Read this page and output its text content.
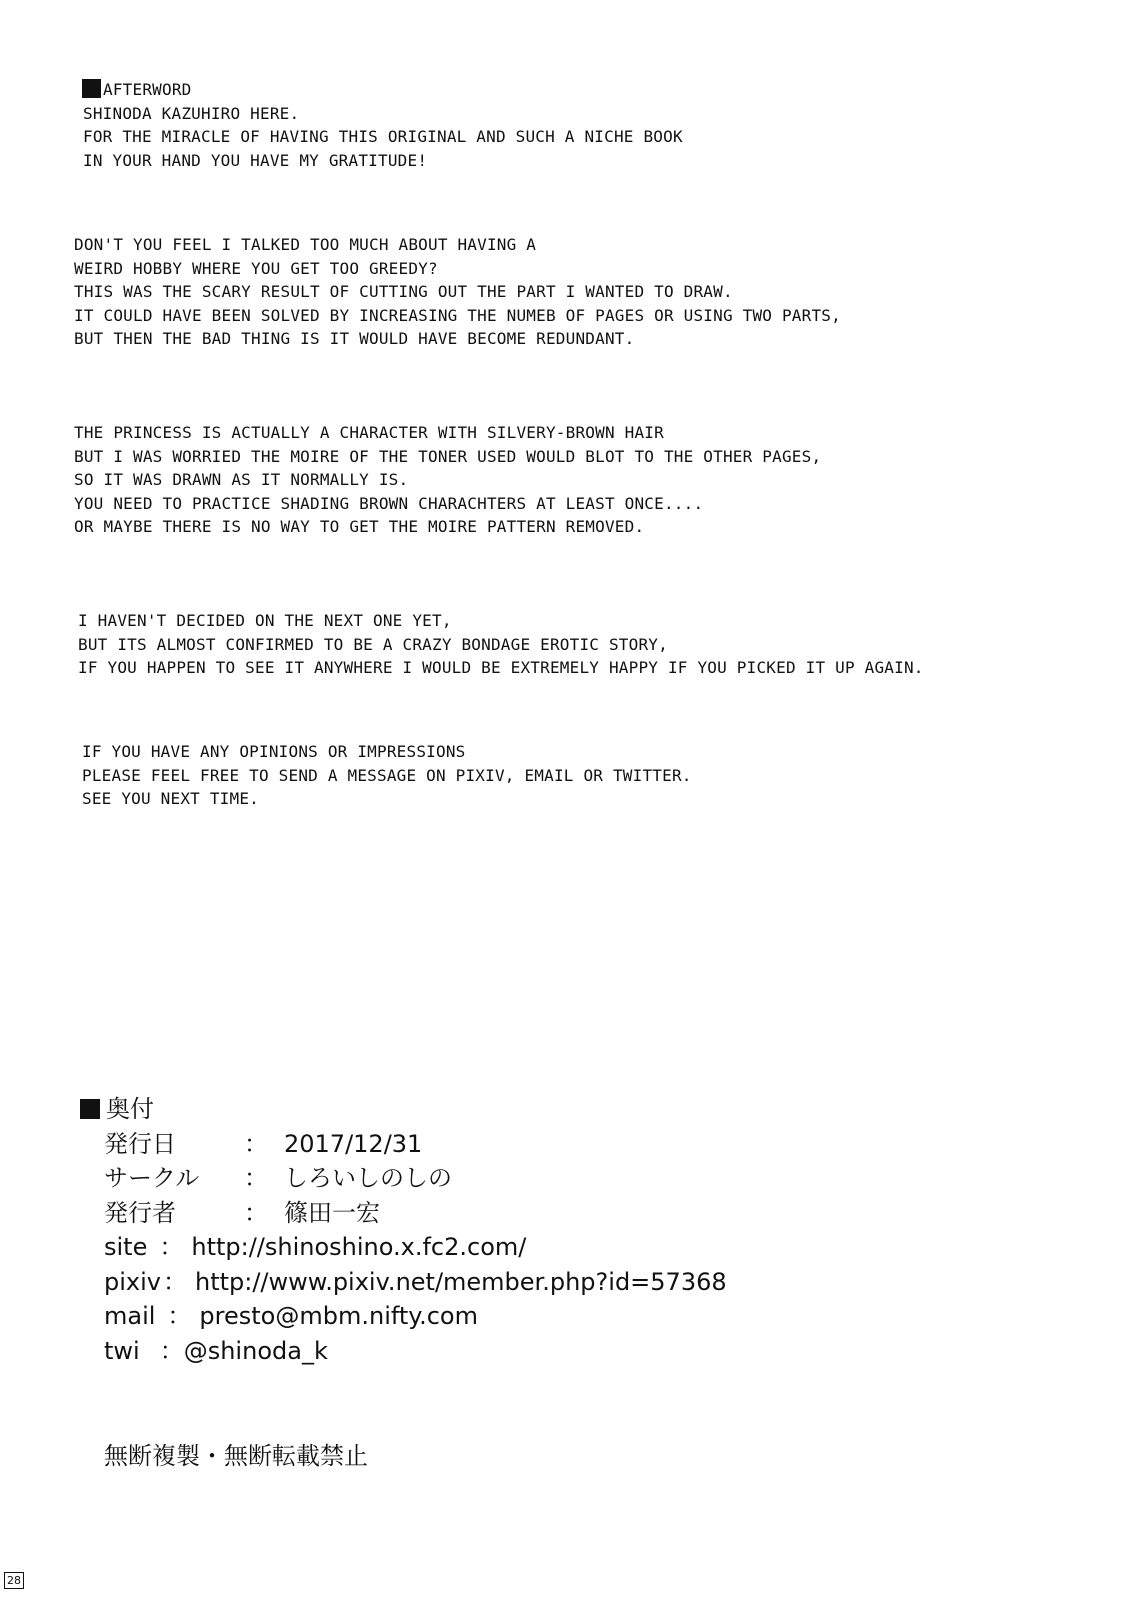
AFTERWORD
SHINODA KAZUHIRO HERE.
FOR THE MIRACLE OF HAVING THIS ORIGINAL AND SUCH A NICHE BOOK
IN YOUR HAND YOU HAVE MY GRATITUDE!
DON'T YOU FEEL I TALKED TOO MUCH ABOUT HAVING A
WEIRD HOBBY WHERE YOU GET TOO GREEDY?
THIS WAS THE SCARY RESULT OF CUTTING OUT THE PART I WANTED TO DRAW.
IT COULD HAVE BEEN SOLVED BY INCREASING THE NUMEB OF PAGES OR USING TWO PARTS,
BUT THEN THE BAD THING IS IT WOULD HAVE BECOME REDUNDANT.
THE PRINCESS IS ACTUALLY A CHARACTER WITH SILVERY-BROWN HAIR
BUT I WAS WORRIED THE MOIRE OF THE TONER USED WOULD BLOT TO THE OTHER PAGES,
SO IT WAS DRAWN AS IT NORMALLY IS.
YOU NEED TO PRACTICE SHADING BROWN CHARACHTERS AT LEAST ONCE....
OR MAYBE THERE IS NO WAY TO GET THE MOIRE PATTERN REMOVED.
I HAVEN'T DECIDED ON THE NEXT ONE YET,
BUT ITS ALMOST CONFIRMED TO BE A CRAZY BONDAGE EROTIC STORY,
IF YOU HAPPEN TO SEE IT ANYWHERE I WOULD BE EXTREMELY HAPPY IF YOU PICKED IT UP AGAIN.
IF YOU HAVE ANY OPINIONS OR IMPRESSIONS
PLEASE FEEL FREE TO SEND A MESSAGE ON PIXIV, EMAIL OR TWITTER.
SEE YOU NEXT TIME.
奥付
発行日	： 2017/12/31
サークル	： しろいしのしの
発行者	： 篠田一宏
site ： http://shinoshino.x.fc2.com/
pixiv ： http://www.pixiv.net/member.php?id=57368
mail ： presto@mbm.nifty.com
twi ： @shinoda_k
無断複製・無断転載禁止
28
